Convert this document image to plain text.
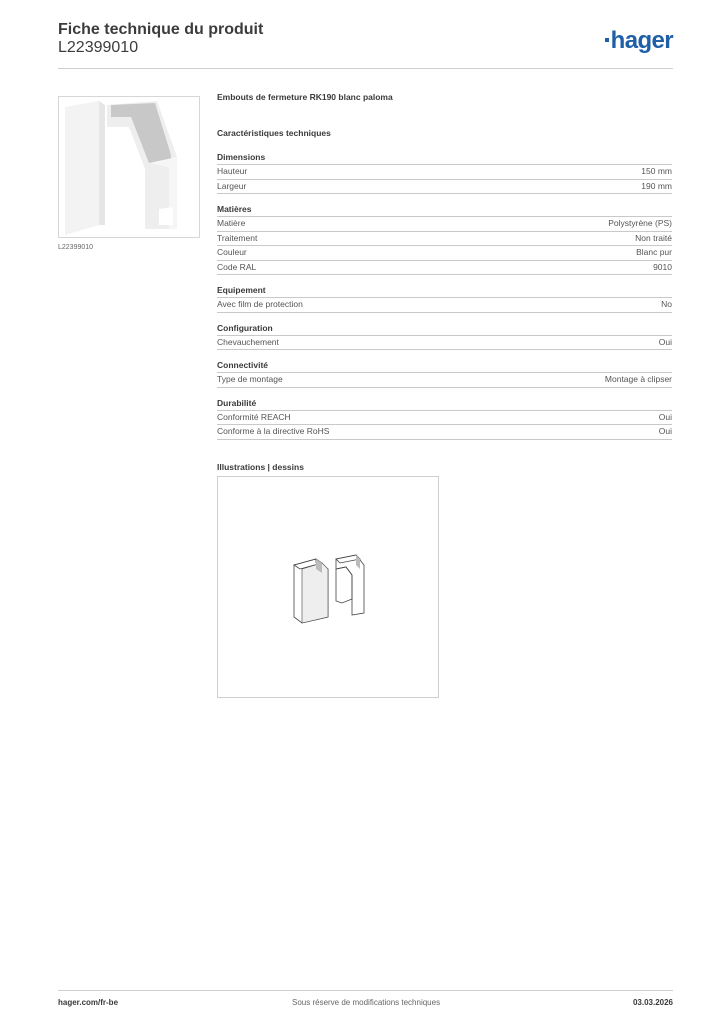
Fiche technique du produit
L22399010	hager
L22399010
Embouts de fermeture RK190 blanc paloma
Caractéristiques techniques
Dimensions
Hauteur	150 mm
Largeur	190 mm
Matières
Matière	Polystyrène (PS)
Traitement	Non traité
Couleur	Blanc pur
Code RAL	9010
Equipement
Avec film de protection	No
Configuration
Chevauchement	Oui
Connectivité
Type de montage	Montage à clipser
Durabilité
Conformité REACH	Oui
Conforme à la directive RoHS	Oui
Illustrations | dessins
hager.com/fr-be	Sous réserve de modifications techniques	03.03.2026
